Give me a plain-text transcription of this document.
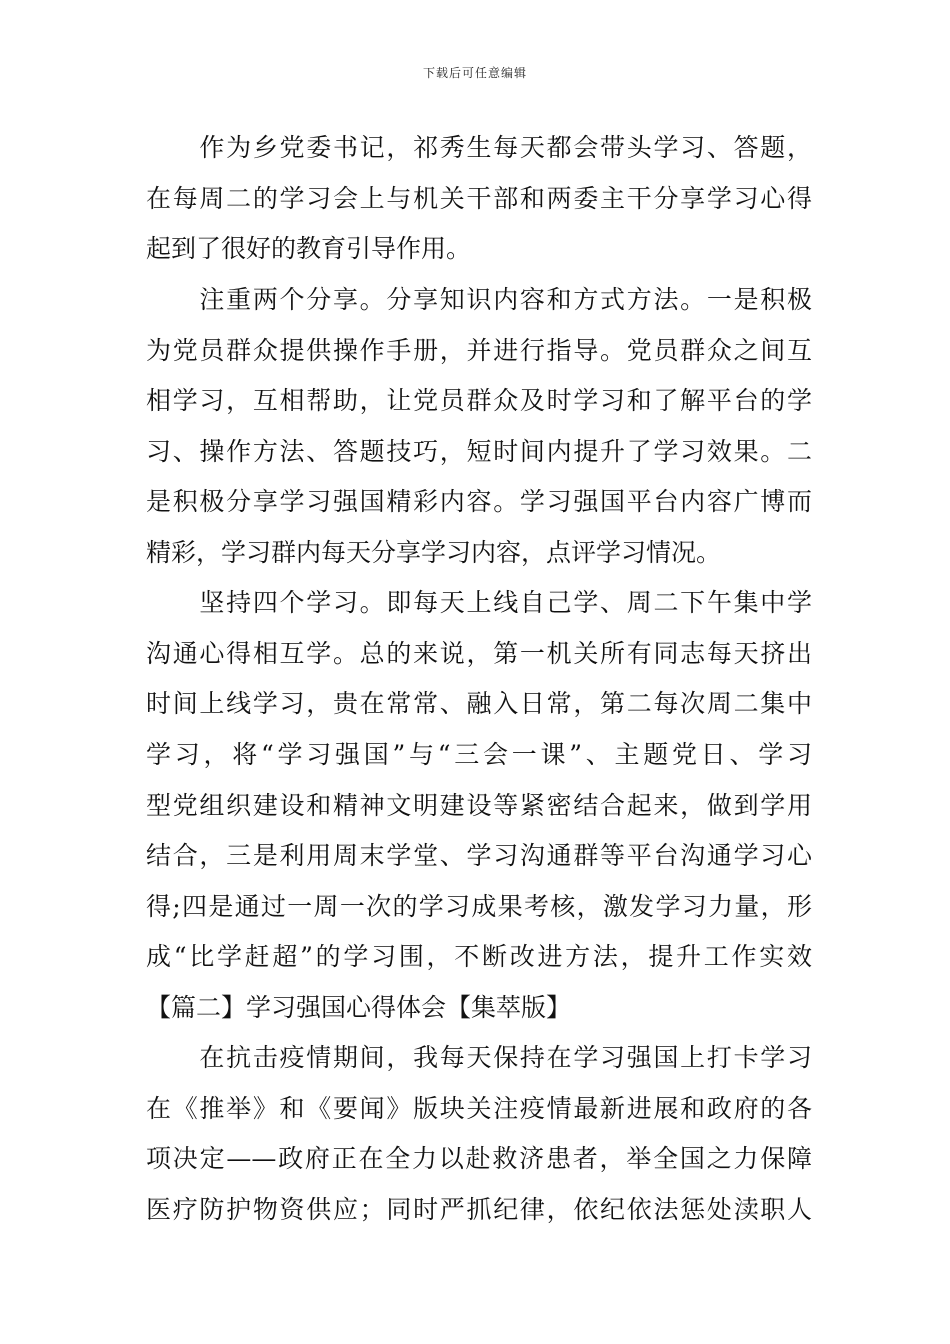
下载后可任意编辑
　　作为乡党委书记，祁秀生每天都会带头学习、答题，
在每周二的学习会上与机关干部和两委主干分享学习心得
起到了很好的教育引导作用。
　　注重两个分享。分享知识内容和方式方法。一是积极
为党员群众提供操作手册，并进行指导。党员群众之间互
相学习，互相帮助，让党员群众及时学习和了解平台的学
习、操作方法、答题技巧，短时间内提升了学习效果。二
是积极分享学习强国精彩内容。学习强国平台内容广博而
精彩，学习群内每天分享学习内容，点评学习情况。
　　坚持四个学习。即每天上线自己学、周二下午集中学
沟通心得相互学。总的来说，第一机关所有同志每天挤出
时间上线学习，贵在常常、融入日常，第二每次周二集中
学习，将“学习强国”与“三会一课”、主题党日、学习
型党组织建设和精神文明建设等紧密结合起来，做到学用
结合，三是利用周末学堂、学习沟通群等平台沟通学习心
得;四是通过一周一次的学习成果考核，激发学习力量，形
成“比学赶超”的学习围，不断改进方法，提升工作实效
【篇二】学习强国心得体会【集萃版】
　　在抗击疫情期间，我每天保持在学习强国上打卡学习
在《推举》和《要闻》版块关注疫情最新进展和政府的各
项决定——政府正在全力以赴救济患者，举全国之力保障
医疗防护物资供应；同时严抓纪律，依纪依法惩处渎职人
